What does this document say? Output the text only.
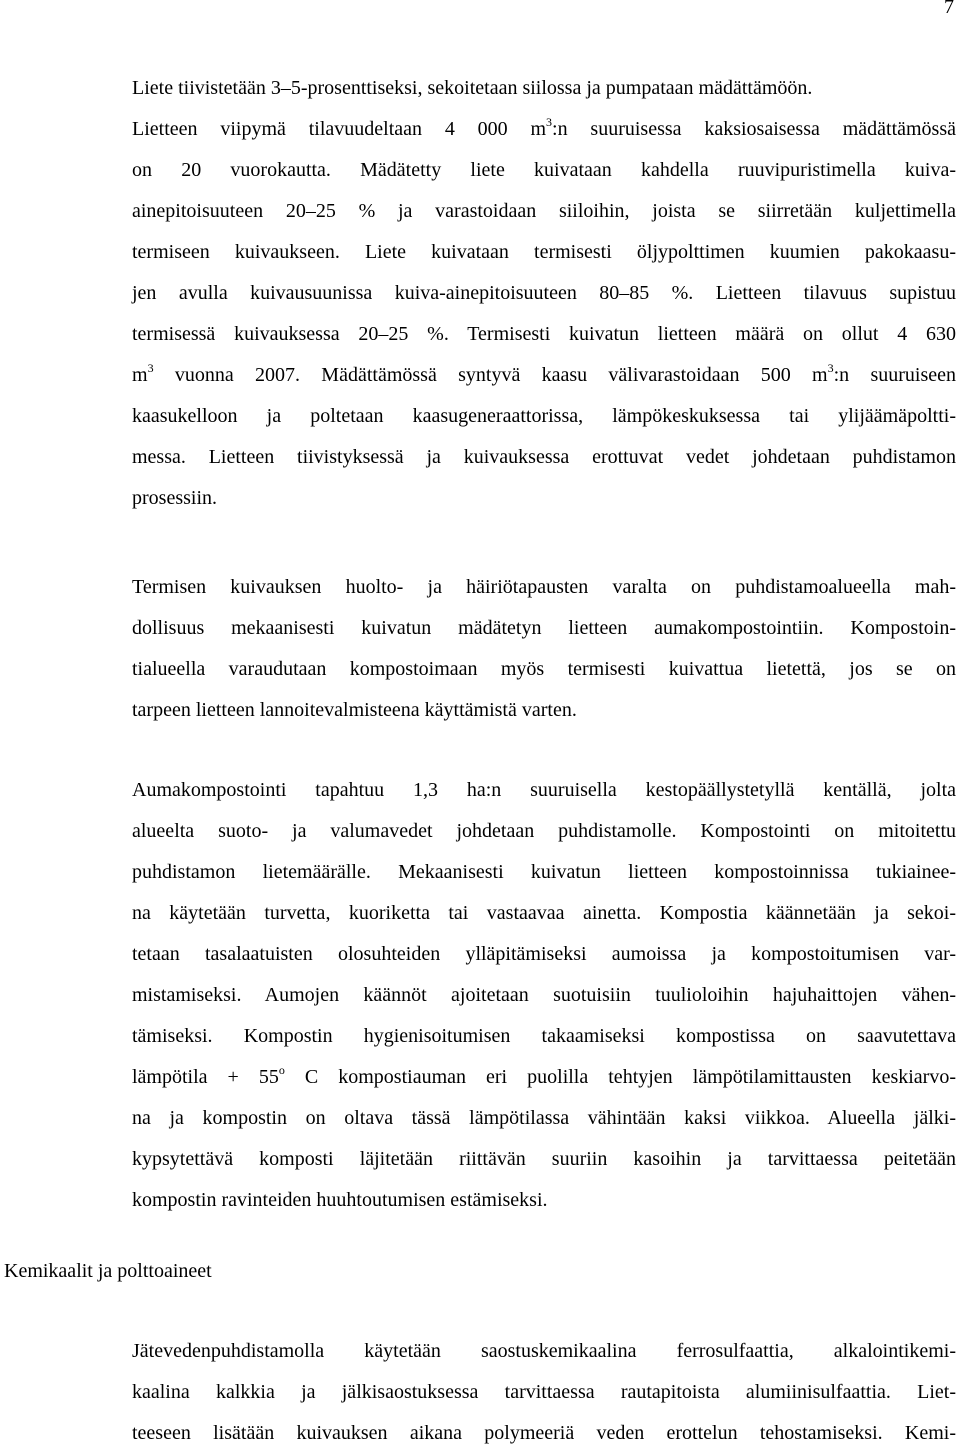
7
Liete tiivistetään 3–5-prosenttiseksi, sekoitetaan siilossa ja pumpataan mädättämöön.
Lietteen viipymä tilavuudeltaan 4 000 $m^3:n$ suuruisessa kaksiosaisessa mädättämössä
on 20 vuorokautta. Mädätetty liete kuivataan kahdella ruuvipuristimella kuiva-
ainepitoisuuteen 20–25 % ja varastoidaan siiloihin, joista se siirretään kuljettimella
termiseen kuivaukseen. Liete kuivataan termisesti öljypolttimen kuumien pakokaasu-
jen avulla kuivausuunissa kuiva-ainepitoisuuteen 80–85 %. Lietteen tilavuus supistuu
termisessä kuivauksessa 20–25 %. Termisesti kuivatun lietteen määrä on ollut 4 630
$m^3$ vuonna 2007. Mädättämössä syntyvä kaasu välivarastoidaan 500 $m^3:n$ suuruiseen
kaasukelloon ja poltetaan kaasugeneraattorissa, lämpökeskuksessa tai ylijäämäpoltti-
messa. Lietteen tiivistyksessä ja kuivauksessa erottuvat vedet johdetaan puhdistamon
prosessiin.
Termisen kuivauksen huolto- ja häiriötapausten varalta on puhdistamoalueella mah-
dollisuus mekaanisesti kuivatun mädätetyn lietteen aumakompostointiin. Kompostoin-
tialueella varaudutaan kompostoimaan myös termisesti kuivattua lietettä, jos se on
tarpeen lietteen lannoitevalmisteena käyttämistä varten.
Aumakompostointi tapahtuu 1,3 ha:n suuruisella kestopäällystetyllä kentällä, jolta
alueelta suoto- ja valumavedet johdetaan puhdistamolle. Kompostointi on mitoitettu
puhdistamon lietemäärälle. Mekaanisesti kuivatun lietteen kompostoinnissa tukiainee-
na käytetään turvetta, kuoriketta tai vastaavaa ainetta. Kompostia käännetään ja sekoi-
tetaan tasalaatuisten olosuhteiden ylläpitämiseksi aumoissa ja kompostoitumisen var-
mistamiseksi. Aumojen käännöt ajoitetaan suotuisiin tuulioloihin hajuhaittojen vähen-
tämiseksi. Kompostin hygienisoitumisen takaamiseksi kompostissa on saavutettava
lämpötila + $55^o$ C kompostiauman eri puolilla tehtyjen lämpötilamittausten keskiarvo-
na ja kompostin on oltava tässä lämpötilassa vähintään kaksi viikkoa. Alueella jälki-
kypsytettävä komposti läjitetään riittävän suuriin kasoihin ja tarvittaessa peitetään
kompostin ravinteiden huuhtoutumisen estämiseksi.
Kemikaalit ja polttoaineet
Jätevedenpuhdistamolla käytetään saostuskemikaalina ferrosulfaattia, alkalointikemi-
kaalina kalkkia ja jälkisaostuksessa tarvittaessa rautapitoista alumiinisulfaattia. Liet-
teeseen lisätään kuivauksen aikana polymeeriä veden erottelun tehostamiseksi. Kemi-
